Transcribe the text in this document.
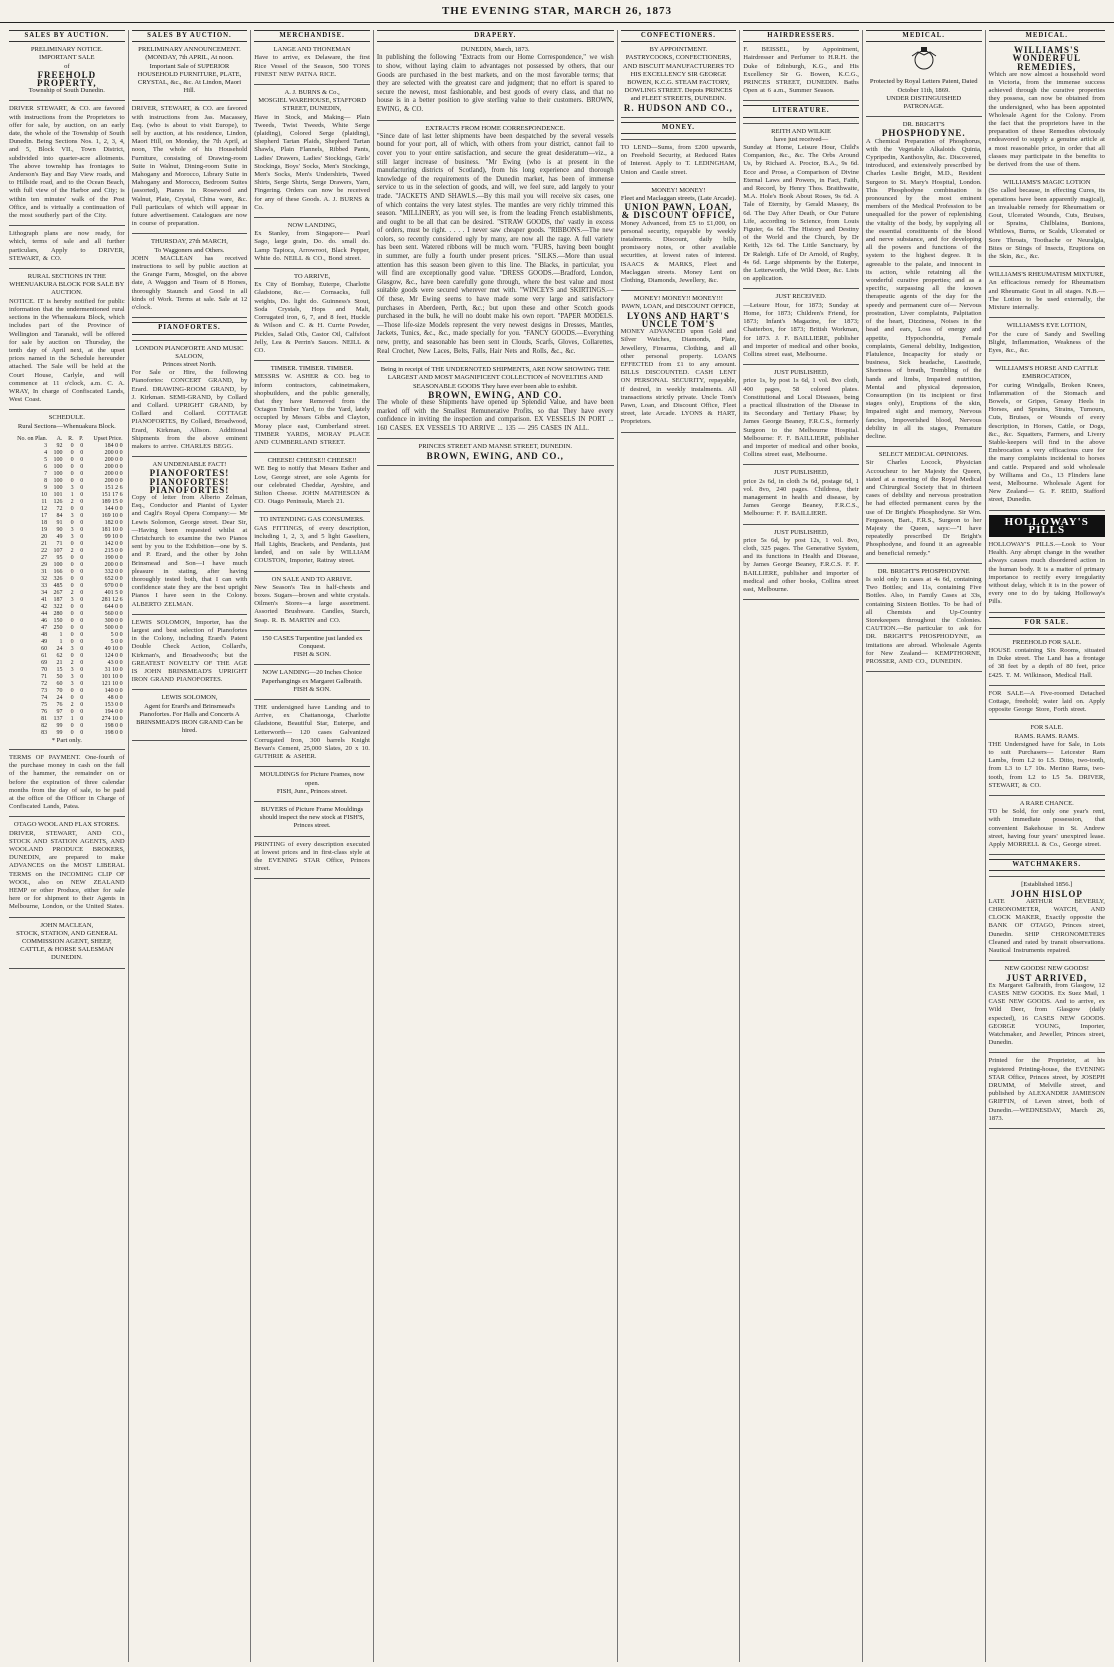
THE EVENING STAR, MARCH 26, 1873
SALES BY AUCTION.
PRELIMINARY NOTICE.
IMPORTANT SALE
of
FREEHOLD PROPERTY,
Township of South Dunedin.
DRIVER STEWART, & CO. are favored with instructions from the Proprietors to offer for sale, by auction, on an early date, the whole of the Township of South Dunedin. Being Sections Nos. 1, 2, 3, 4, and 5, Block VII., Town District, subdivided into quarter-acre allotments. The above township has frontages to Anderson's Bay and Bay View roads, and to Hillside road, and to the Ocean Beach, with full view of the Harbor and City; is within ten minutes' walk of the Post Office, and is virtually a continuation of the most southerly part of the City.
Lithograph plans are now ready, for which, terms of sale and all further particulars, Apply to DRIVER, STEWART, & CO.
RURAL SECTIONS IN THE WHENUAKURA BLOCK FOR SALE BY AUCTION.
NOTICE. IT is hereby notified for public information that the undermentioned rural sections in the Whenuakura Block, which includes part of the Province of Wellington and Taranaki, will be offered for sale by auction on Thursday, the tenth day of April next, at the upset prices named in the Schedule hereunder attached. The Sale will be held at the Court House, Carlyle, and will commence at 11 o'clock, a.m. C. A. WRAY, In charge of Confiscated Lands, West Coast.
SCHEDULE.
Rural Sections—Whenuakura Block.
No. on Plan.	A.	R.	P.	Upset Price.
3	92	0	0	184 0 0
4	100	0	0	200 0 0
5	100	0	0	200 0 0
6	100	0	0	200 0 0
7	100	0	0	200 0 0
8	100	0	0	200 0 0
9	100	3	0	151 2 6
10	101	1	0	151 17 6
11	126	2	0	189 15 0
12	72	0	0	144 0 0
17	84	3	0	169 10 0
18	91	0	0	182 0 0
19	90	3	0	181 10 0
20	49	3	0	99 10 0
21	71	0	0	142 0 0
22	107	2	0	215 0 0
27	95	0	0	190 0 0
29	100	0	0	200 0 0
31	166	0	0	332 0 0
32	326	0	0	652 0 0
33	485	0	0	970 0 0
34	267	2	0	401 5 0
41	187	3	0	281 12 6
42	322	0	0	644 0 0
44	280	0	0	560 0 0
46	150	0	0	300 0 0
47	250	0	0	500 0 0
48	1	0	0	5 0 0
49	1	0	0	5 0 0
60	24	3	0	49 10 0
61	62	0	0	124 0 0
69	21	2	0	43 0 0
70	15	3	0	31 10 0
71	50	3	0	101 10 0
72	60	3	0	121 10 0
73	70	0	0	140 0 0
74	24	0	0	48 0 0
75	76	2	0	153 0 0
76	97	0	0	194 0 0
81	137	1	0	274 10 0
82	99	0	0	198 0 0
83	99	0	0	198 0 0
* Part only.
TERMS OF PAYMENT. One-fourth of the purchase money in cash on the fall of the hammer, the remainder on or before the expiration of three calendar months from the day of sale, to be paid at the office of the Officer in Charge of Confiscated Lands, Patea.
OTAGO WOOL AND FLAX STORES.
DRIVER, STEWART, AND CO., STOCK AND STATION AGENTS, AND WOOLAND PRODUCE BROKERS, DUNEDIN, are prepared to make ADVANCES on the MOST LIBERAL TERMS on the INCOMING CLIP OF WOOL, also on NEW ZEALAND HEMP or other Produce, either for sale here or for shipment to their Agents in Melbourne, London, or the United States.
JOHN MACLEAN,
STOCK, STATION, AND GENERAL COMMISSION AGENT, SHEEP, CATTLE, & HORSE SALESMAN DUNEDIN.
SALES BY AUCTION.
PRELIMINARY ANNOUNCEMENT.
(MONDAY, 7th APRIL, At noon.
Important Sale of SUPERIOR HOUSEHOLD FURNITURE, PLATE, CRYSTAL, &c., &c. At Lindon, Maori Hill.
DRIVER, STEWART, & CO. are favored with instructions from Jas. Macassey, Esq. (who is about to visit Europe), to sell by auction, at his residence, Lindon, Maori Hill, on Monday, the 7th April, at noon, The whole of his Household Furniture, consisting of Drawing-room Suite in Walnut, Dining-room Suite in Mahogany and Morocco, Library Suite in Mahogany and Morocco, Bedroom Suites (assorted), Pianos in Rosewood and Walnut, Plate, Crystal, China ware, &c. Full particulars of which will appear in future advertisement. Catalogues are now in course of preparation.
THURSDAY, 27th MARCH,
To Waggoners and Others.
JOHN MACLEAN has received instructions to sell by public auction at the Grange Farm, Mosgiel, on the above date, A Waggon and Team of 8 Horses, thoroughly Staunch and Good in all kinds of Work. Terms at sale. Sale at 12 o'clock.
PIANOFORTES.
LONDON PIANOFORTE AND MUSIC SALOON,
Princes street North.
For Sale or Hire, the following Pianofortes: CONCERT GRAND, by Erard. DRAWING-ROOM GRAND, by J. Kirkman. SEMI-GRAND, by Collard and Collard. UPRIGHT GRAND, by Collard and Collard. COTTAGE PIANOFORTES, By Collard, Broadwood, Erard, Kirkman, Allison. Additional Shipments from the above eminent makers to arrive. CHARLES BEGG.
AN UNDENIABLE FACT!
PIANOFORTES! PIANOFORTES! PIANOFORTES!
Copy of letter from Alberto Zelman, Esq., Conductor and Pianist of Lyster and Cagli's Royal Opera Company:— Mr Lewis Solomon, George street. Dear Sir,—Having been requested whilst at Christchurch to examine the two Pianos sent by you to the Exhibition—one by S. and P. Erard, and the other by John Brinsmead and Son—I have much pleasure in stating, after having thoroughly tested both, that I can with confidence state they are the best upright Pianos I have seen in the Colony. ALBERTO ZELMAN.
LEWIS SOLOMON, Importer, has the largest and best selection of Pianofortes in the Colony, including Erard's Patent Double Check Action, Collard's, Kirkman's, and Broadwood's; but the GREATEST NOVELTY OF THE AGE IS JOHN BRINSMEAD'S UPRIGHT IRON GRAND PIANOFORTES.
LEWIS SOLOMON,
Agent for Erard's and Brinsmead's Pianofortes. For Halls and Concerts A BRINSMEAD'S IRON GRAND Can be hired.
MERCHANDISE.
LANGE AND THONEMAN
Have to arrive, ex Delaware, the first Rice Vessel of the Season, 500 TONS FINEST NEW PATNA RICE.
A. J. BURNS & Co.,
MOSGIEL WAREHOUSE, STAFFORD STREET, DUNEDIN,
Have in Stock, and Making— Plain Tweeds, Twist Tweeds, White Serge (plaiding), Colored Serge (plaiding), Shepherd Tartan Plaids, Shepherd Tartan Shawls, Plain Flannels, Ribbed Pants, Ladies' Drawers, Ladies' Stockings, Girls' Stockings, Boys' Socks, Men's Stockings, Men's Socks, Men's Undershirts, Tweed Shirts, Serge Shirts, Serge Drawers, Yarn, Fingering. Orders can now be received for any of these Goods. A. J. BURNS & Co.
NOW LANDING,
Ex Stanley, from Singapore— Pearl Sago, large grain, Do. do. small do. Lamp Tapioca, Arrowroot, Black Pepper, White do. NEILL & CO., Bond street.
TO ARRIVE,
Ex City of Bombay, Euterpe, Charlotte Gladstone, &c.— Cornsacks, full weights, Do. light do. Guinness's Stout, Soda Crystals, Hops and Malt, Corrugated iron, 6, 7, and 8 feet, Huckle & Wilson and C. & H. Currie Powder, Pickles, Salad Oils, Castor Oil, Calfsfoot Jelly, Lea & Perrin's Sauces. NEILL & CO.
TIMBER. TIMBER. TIMBER.
MESSRS W. ASHER & CO. beg to inform contractors, cabinetmakers, shopbuilders, and the public generally, that they have Removed from the Octagon Timber Yard, to the Yard, lately occupied by Messrs Gibbs and Clayton, Moray place east, Cumberland street. TIMBER YARDS, MORAY PLACE AND CUMBERLAND STREET.
CHEESE! CHEESE!! CHEESE!!
WE Beg to notify that Messrs Esther and Low, George street, are sole Agents for our celebrated Cheddar, Ayrshire, and Stilton Cheese. JOHN MATHESON & CO. Otago Peninsula, March 21.
TO INTENDING GAS CONSUMERS.
GAS FITTINGS, of every description, including 1, 2, 3, and 5 light Gaseliers, Hall Lights, Brackets, and Pendants, just landed, and on sale by WILLIAM COUSTON, Importer, Rattray street.
ON SALE AND TO ARRIVE.
New Season's Tea in half-chests and boxes. Sugars—brown and white crystals. Oilmen's Stores—a large assortment. Assorted Brushware. Candles, Starch, Soap. R. B. MARTIN and CO.
150 CASES Turpentine just landed ex Conquest.
FISH & SON.
NOW LANDING—20 Inches Choice Paperhangings ex Margaret Galbraith.
FISH & SON.
THE undersigned have Landing and to Arrive, ex Chattanooga, Charlotte Gladstone, Beautiful Star, Euterpe, and Letterworth— 120 cases Galvanized Corrugated Iron, 300 barrels Knight Bevan's Cement, 25,000 Slates, 20 x 10. GUTHRIE & ASHER.
MOULDINGS for Picture Frames, now open.
FISH, Junr., Princes street.
BUYERS of Picture Frame Mouldings should inspect the new stock at FISH'S, Princes street.
PRINTING of every description executed at lowest prices and in first-class style at the EVENING STAR Office, Princes street.
DRAPERY.
DUNEDIN, March, 1873.
In publishing the following "Extracts from our Home Correspondence," we wish to show, without laying claim to advantages not possessed by others, that our Goods are purchased in the best markets, and on the most favorable terms; that they are selected with the greatest care and judgment; that no effort is spared to secure the newest, most fashionable, and best goods of every class, and that no house is in a better position to give sterling value to their customers. BROWN, EWING, & CO.
EXTRACTS FROM HOME CORRESPONDENCE.
"Since date of last letter shipments have been despatched by the several vessels bound for your port, all of which, with others from your district, cannot fail to cover you to your entire satisfaction, and secure the great desideratum—viz., a still larger increase of business. "Mr Ewing (who is at present in the manufacturing districts of Scotland), from his long experience and thorough knowledge of the requirements of the Dunedin market, has been of immense service to us in the selection of goods, and will, we feel sure, add largely to your trade. "JACKETS AND SHAWLS.—By this mail you will receive six cases, one of which contains the very latest styles. The mantles are very richly trimmed this season. "MILLINERY, as you will see, is from the leading French establishments, and ought to be all that can be desired. "STRAW GOODS, tho' vastly in excess of orders, must be right. . . . . I never saw cheaper goods. "RIBBONS.—The new colors, so recently considered ugly by many, are now all the rage. A full variety has been sent. Watered ribbons will be much worn. "FURS, having been bought in summer, are fully a fourth under present prices. "SILKS.—More than usual attention has this season been given to this line. The Blacks, in particular, you will find are exceptionally good value. "DRESS GOODS.—Bradford, London, Glasgow, &c., have been carefully gone through, where the best value and most suitable goods were secured wherever met with. "WINCEYS and SKIRTINGS.—Of these, Mr Ewing seems to have made some very large and satisfactory purchases in Aberdeen, Perth, &c.; but upon these and other Scotch goods purchased in the bulk, he will no doubt make his own report. "PAPER MODELS.—Those life-size Models represent the very newest designs in Dresses, Mantles, Jackets, Tunics, &c., &c., made specially for you. "FANCY GOODS.—Everything new, pretty, and seasonable has been sent in Clouds, Scarfs, Gloves, Collarettes, Real Crochet, New Laces, Belts, Falls, Hair Nets and Rolls, &c., &c.
Being in receipt of THE UNDERNOTED SHIPMENTS, ARE NOW SHOWING THE LARGEST AND MOST MAGNIFICENT COLLECTION of NOVELTIES AND SEASONABLE GOODS They have ever been able to exhibit.
BROWN, EWING, AND CO.
The whole of these Shipments have opened up Splendid Value, and have been marked off with the Smallest Remunerative Profits, so that They have every confidence in inviting the inspection and comparison. EX VESSELS IN PORT ... 160 CASES. EX VESSELS TO ARRIVE ... 135 — 295 CASES IN ALL.
PRINCES STREET AND MANSE STREET, DUNEDIN.
BROWN, EWING, AND CO.,
CONFECTIONERS.
BY APPOINTMENT.
PASTRYCOOKS, CONFECTIONERS, AND BISCUIT MANUFACTURERS TO HIS EXCELLENCY SIR GEORGE BOWEN, K.C.G. STEAM FACTORY, DOWLING STREET. Depots PRINCES and FLEET STREETS, DUNEDIN.
R. HUDSON AND CO.,
MONEY.
TO LEND—Sums, from £200 upwards, on Freehold Security, at Reduced Rates of Interest. Apply to T. LEDINGHAM, Union and Castle street.
MONEY! MONEY!
Fleet and Maclaggan streets, (Late Arcade).
UNION PAWN, LOAN, & DISCOUNT OFFICE,
Money Advanced, from £5 to £1,000, on personal security, repayable by weekly instalments. Discount, daily bills, promissory notes, or other available securities, at lowest rates of interest. ISAACS & MARKS, Fleet and Maclaggan streets. Money Lent on Clothing, Diamonds, Jewellery, &c.
MONEY! MONEY!! MONEY!!!
PAWN, LOAN, and DISCOUNT OFFICE,
LYONS AND HART'S UNCLE TOM'S
MONEY ADVANCED upon Gold and Silver Watches, Diamonds, Plate, Jewellery, Firearms, Clothing, and all other personal property. LOANS EFFECTED from £1 to any amount. BILLS DISCOUNTED. CASH LENT ON PERSONAL SECURITY, repayable, if desired, in weekly instalments. All transactions strictly private. Uncle Tom's Pawn, Loan, and Discount Office, Fleet street, late Arcade. LYONS & HART, Proprietors.
HAIRDRESSERS.
F. BEISSEL, by Appointment, Hairdresser and Perfumer to H.R.H. the Duke of Edinburgh, K.G., and His Excellency Sir G. Bowen, K.C.G., PRINCES STREET, DUNEDIN. Baths Open at 6 a.m., Summer Season.
LITERATURE.
REITH AND WILKIE
have just received—
Sunday at Home, Leisure Hour, Child's Companion, &c., &c. The Orbs Around Us, by Richard A. Proctor, B.A., 9s 6d. Ecce and Prose, a Comparison of Divine Eternal Laws and Powers, in Fact, Faith, and Record, by Henry Thos. Braithwaite, M.A. Hole's Book About Roses, 9s 6d. A Tale of Eternity, by Gerald Massey, 8s 6d. The Day After Death, or Our Future Life, according to Science, from Louis Figuier, 6s 6d. The History and Destiny of the World and the Church, by Dr Keith, 12s 6d. The Little Sanctuary, by Dr Raleigh. Life of Dr Arnold, of Rugby, 4s 6d. Large shipments by the Euterpe, the Letterworth, the Wild Deer, &c. Lists on application.
JUST RECEIVED.
—Leisure Hour, for 1873; Sunday at Home, for 1873; Children's Friend, for 1873; Infant's Magazine, for 1873; Chatterbox, for 1873; British Workman, for 1873. J. F. BAILLIERE, publisher and importer of medical and other books, Collins street east, Melbourne.
JUST PUBLISHED,
price 1s, by post 1s 6d, 1 vol. 8vo cloth, 400 pages, 58 colored plates. Constitutional and Local Diseases, being a practical illustration of the Disease in its Secondary and Tertiary Phase; by James George Beaney, F.R.C.S., formerly Surgeon to the Melbourne Hospital. Melbourne: F. F. BAILLIERE, publisher and importer of medical and other books, Collins street east, Melbourne.
JUST PUBLISHED,
price 2s 6d, in cloth 3s 6d, postage 6d, 1 vol. 8vo, 240 pages. Childress, their management in health and disease, by James George Beaney, F.R.C.S., Melbourne: F. F. BAILLIERE.
JUST PUBLISHED,
price 5s 6d, by post 12s, 1 vol. 8vo, cloth, 325 pages. The Generative System, and its functions in Health and Disease, by James George Beaney, F.R.C.S. F. F. BAILLIERE, publisher and importer of medical and other books, Collins street east, Melbourne.
MEDICAL.
Protected by Royal Letters Patent, Dated October 11th, 1869.
UNDER DISTINGUISHED PATRONAGE.
DR. BRIGHT'S
PHOSPHODYNE.
A Chemical Preparation of Phosphorus, with the Vegetable Alkaloids Quinia, Cypripedin, Xanthoxylin, &c. Discovered, introduced, and extensively prescribed by Charles Leslie Bright, M.D., Resident Surgeon to St. Mary's Hospital, London. This Phosphodyne combination is pronounced by the most eminent members of the Medical Profession to be unequalled for the power of replenishing the vitality of the body, by supplying all the essential constituents of the blood and nerve substance, and for developing all the powers and functions of the system to the highest degree. It is agreeable to the palate, and innocent in its action, while retaining all the wonderful curative properties; and as a specific, surpassing all the known therapeutic agents of the day for the speedy and permanent cure of— Nervous prostration, Liver complaints, Palpitation of the heart, Dizziness, Noises in the head and ears, Loss of energy and appetite, Hypochondria, Female complaints, General debility, Indigestion, Flatulence, Incapacity for study or business, Sick headache, Lassitude, Shortness of breath, Trembling of the hands and limbs, Impaired nutrition, Mental and physical depression, Consumption (in its incipient or first stages only), Eruptions of the skin, Impaired sight and memory, Nervous fancies, Impoverished blood, Nervous debility in all its stages, Premature decline.
SELECT MEDICAL OPINIONS.
Sir Charles Locock, Physician Accoucheur to her Majesty the Queen, stated at a meeting of the Royal Medical and Chirurgical Society that in thirteen cases of debility and nervous prostration he had effected permanent cures by the use of Dr Bright's Phosphodyne. Sir Wm. Fergusson, Bart., F.R.S., Surgeon to her Majesty the Queen, says:—"I have repeatedly prescribed Dr Bright's Phosphodyne, and found it an agreeable and beneficial remedy."
DR. BRIGHT'S PHOSPHODYNE
Is sold only in cases at 4s 6d, containing Two Bottles; and 11s, containing Five Bottles. Also, in Family Cases at 33s, containing Sixteen Bottles. To be had of all Chemists and Up-Country Storekeepers throughout the Colonies. CAUTION.—Be particular to ask for DR. BRIGHT'S PHOSPHODYNE, as imitations are abroad. Wholesale Agents for New Zealand— KEMPTHORNE, PROSSER, AND CO., DUNEDIN.
MEDICAL.
WILLIAMS'S WONDERFUL REMEDIES,
Which are now almost a household word in Victoria, from the immense success achieved through the curative properties they possess, can now be obtained from the undersigned, who has been appointed Wholesale Agent for the Colony. From the fact that the proprietors have in the preparation of these Remedies obviously endeavored to supply a genuine article at a most reasonable price, in order that all classes may participate in the benefits to be derived from the use of them.
WILLIAMS'S MAGIC LOTION
(So called because, in effecting Cures, its operations have been apparently magical), an invaluable remedy for Rheumatism or Gout, Ulcerated Wounds, Cuts, Bruises, or Sprains, Chilblains, Bunions, Whitlows, Burns, or Scalds, Ulcerated or Sore Throats, Toothache or Neuralgia, Bites or Stings of Insects, Eruptions on the Skin, &c., &c.
WILLIAMS'S RHEUMATISM MIXTURE,
An efficacious remedy for Rheumatism and Rheumatic Gout in all stages. N.B.—The Lotion to be used externally, the Mixture internally.
WILLIAMS'S EYE LOTION,
For the cure of Sandy and Swelling Blight, Inflammation, Weakness of the Eyes, &c., &c.
WILLIAMS'S HORSE AND CATTLE EMBROCATION,
For curing Windgalls, Broken Knees, Inflammation of the Stomach and Bowels, or Gripes, Greasy Heels in Horses, and Sprains, Strains, Tumours, Cuts, Bruises, or Wounds of every description, in Horses, Cattle, or Dogs, &c., &c. Squatters, Farmers, and Livery Stable-keepers will find in the above Embrocation a very efficacious cure for the many complaints incidental to horses and cattle. Prepared and sold wholesale by Williams and Co., 13 Flinders lane west, Melbourne. Wholesale Agent for New Zealand— G. F. REID, Stafford street, Dunedin.
HOLLOWAY'S PILLS
HOLLOWAY'S PILLS.—Look to Your Health. Any abrupt change in the weather always causes much disordered action in the human body. It is a matter of primary importance to rectify every irregularity without delay, which it is in the power of every one to do by taking Holloway's Pills.
FOR SALE.
FREEHOLD FOR SALE.
HOUSE containing Six Rooms, situated in Duke street. The Land has a frontage of 38 feet by a depth of 80 feet, price £425. T. M. Wilkinson, Medical Hall.
FOR SALE—A Five-roomed Detached Cottage, freehold; water laid on. Apply opposite George Store, Forth street.
FOR SALE.
RAMS. RAMS. RAMS.
THE Undersigned have for Sale, in Lots to suit Purchasers— Leicester Ram Lambs, from L2 to L5. Ditto, two-tooth, from L3 to L7 10s. Merino Rams, two-tooth, from L2 to L5 5s. DRIVER, STEWART, & CO.
A RARE CHANCE.
TO be Sold, for only one year's rent, with immediate possession, that convenient Bakehouse in St. Andrew street, having four years' unexpired lease. Apply MORRELL & Co., George street.
WATCHMAKERS.
[Established 1856.]
JOHN HISLOP
LATE ARTHUR BEVERLY, CHRONOMETER, WATCH, AND CLOCK MAKER, Exactly opposite the BANK OF OTAGO, Princes street, Dunedin. SHIP CHRONOMETERS Cleaned and rated by transit observations. Nautical Instruments repaired.
NEW GOODS! NEW GOODS!
JUST ARRIVED,
Ex Margaret Galbraith, from Glasgow, 12 CASES NEW GOODS. Ex Suez Mail, 1 CASE NEW GOODS. And to arrive, ex Wild Deer, from Glasgow (daily expected), 16 CASES NEW GOODS. GEORGE YOUNG, Importer, Watchmaker, and Jeweller, Princes street, Dunedin.
Printed for the Proprietor, at his registered Printing-house, the EVENING STAR Office, Princes street, by JOSEPH DRUMM, of Melville street, and published by ALEXANDER JAMIESON GRIFFIN, of Leven street, both of Dunedin.—WEDNESDAY, March 26, 1873.
